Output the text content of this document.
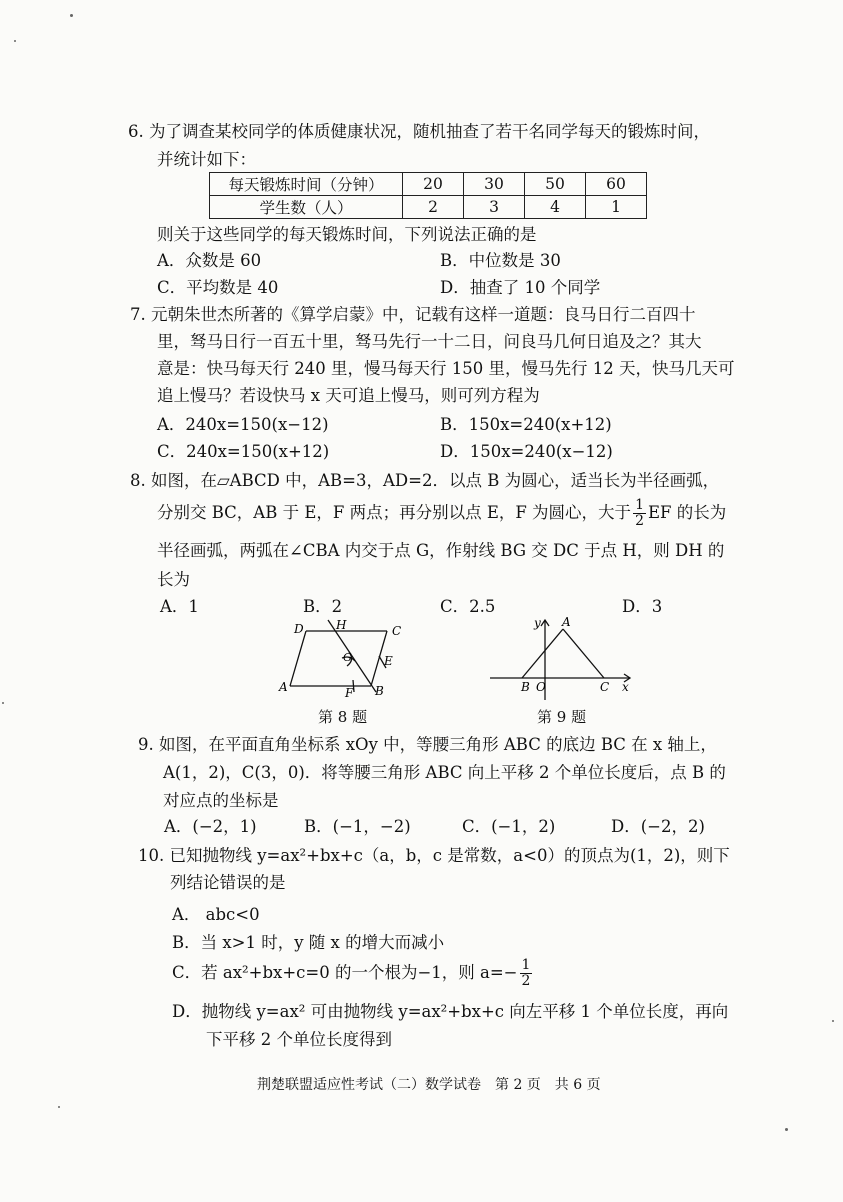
6. 为了调查某校同学的体质健康状况，随机抽查了若干名同学每天的锻炼时间，
并统计如下：
每天锻炼时间（分钟）	20	30	50	60
学生数（人）	2	3	4	1
则关于这些同学的每天锻炼时间，下列说法正确的是
A．众数是 60	B．中位数是 30
C．平均数是 40	D．抽查了 10 个同学
7. 元朝朱世杰所著的《算学启蒙》中，记载有这样一道题：良马日行二百四十
里，驽马日行一百五十里，驽马先行一十二日，问良马几何日追及之？其大
意是：快马每天行 240 里，慢马每天行 150 里，慢马先行 12 天，快马几天可
追上慢马？若设快马 x 天可追上慢马，则可列方程为
A．240x=150(x−12)	B．150x=240(x+12)
C．240x=150(x+12)	D．150x=240(x−12)
8. 如图，在▱ABCD 中，AB=3，AD=2．以点 B 为圆心，适当长为半径画弧，
分别交 BC，AB 于 E，F 两点；再分别以点 E，F 为圆心，大于 $\frac{1}{2}$ EF 的长为
半径画弧，两弧在∠CBA 内交于点 G，作射线 BG 交 DC 于点 H，则 DH 的
长为
A．1	B．2	C．2.5	D．3
D	H	C
G	E
A	F B
第 8 题
y A
B O	C x
第 9 题
9. 如图，在平面直角坐标系 xOy 中，等腰三角形 ABC 的底边 BC 在 x 轴上，
A(1，2)，C(3，0)．将等腰三角形 ABC 向上平移 2 个单位长度后，点 B 的
对应点的坐标是
A．(−2，1)	B．(−1，−2)	C．(−1，2)	D．(−2，2)
10. 已知抛物线 y=ax²+bx+c（a，b，c 是常数，a<0）的顶点为(1，2)，则下
列结论错误的是
A． abc<0
B．当 x>1 时，y 随 x 的增大而减小
C．若 ax²+bx+c=0 的一个根为−1，则 $a=- \frac{1}{2}$
D．抛物线 y=ax² 可由抛物线 y=ax²+bx+c 向左平移 1 个单位长度，再向
下平移 2 个单位长度得到
荆楚联盟适应性考试（二）数学试卷　第 2 页　共 6 页
